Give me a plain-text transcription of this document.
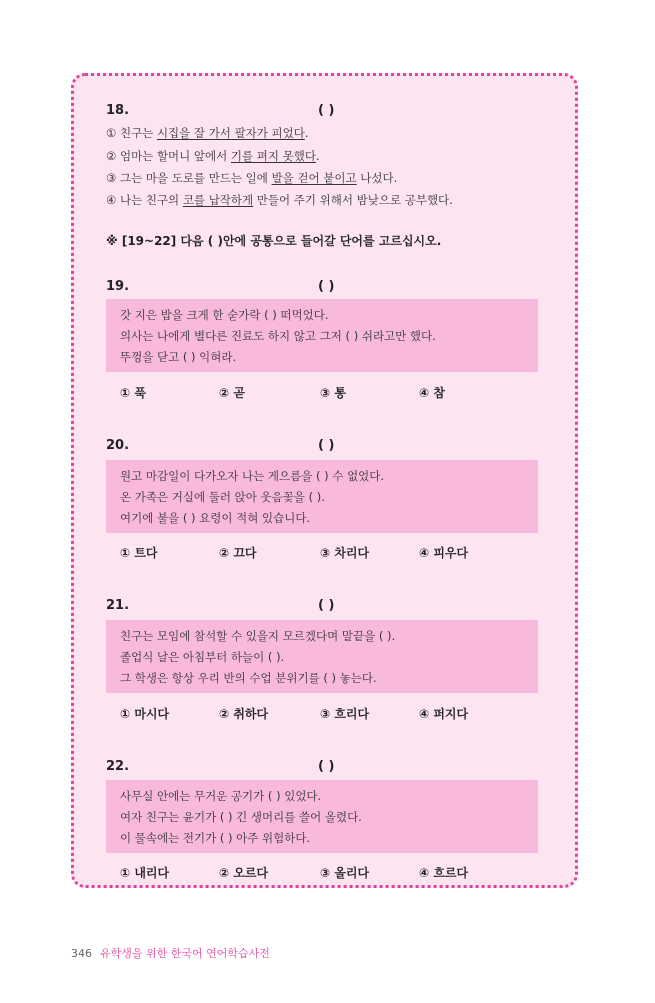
18.	( )
① 친구는 시집을 잘 가서 팔자가 피었다.
② 엄마는 할머니 앞에서 기를 펴지 못했다.
③ 그는 마을 도로를 만드는 일에 발을 걷어 붙이고 나섰다.
④ 나는 친구의 코를 납작하게 만들어 주기 위해서 밤낮으로 공부했다.
※ [19~22] 다음 ( )안에 공통으로 들어갈 단어를 고르십시오.
19.	( )
갓 지은 밥을 크게 한 숟가락 ( ) 떠먹었다.
의사는 나에게 별다른 진료도 하지 않고 그저 ( ) 쉬라고만 했다.
뚜껑을 닫고 ( ) 익혀라.
① 푹	② 곧	③ 통	④ 참
20.	( )
원고 마감일이 다가오자 나는 게으름을 ( ) 수 없었다.
온 가족은 거실에 둘러 앉아 웃음꽃을 ( ).
여기에 불을 ( ) 요령이 적혀 있습니다.
① 트다	② 끄다	③ 차리다	④ 피우다
21.	( )
친구는 모임에 참석할 수 있을지 모르겠다며 말끝을 ( ).
졸업식 날은 아침부터 하늘이 ( ).
그 학생은 항상 우리 반의 수업 분위기를 ( ) 놓는다.
① 마시다	② 취하다	③ 흐리다	④ 퍼지다
22.	( )
사무실 안에는 무거운 공기가 ( ) 있었다.
여자 친구는 윤기가 ( ) 긴 생머리를 쓸어 올렸다.
이 물속에는 전기가 ( ) 아주 위험하다.
① 내리다	② 오르다	③ 올리다	④ 흐르다
346 유학생을 위한 한국어 연어학습사전
